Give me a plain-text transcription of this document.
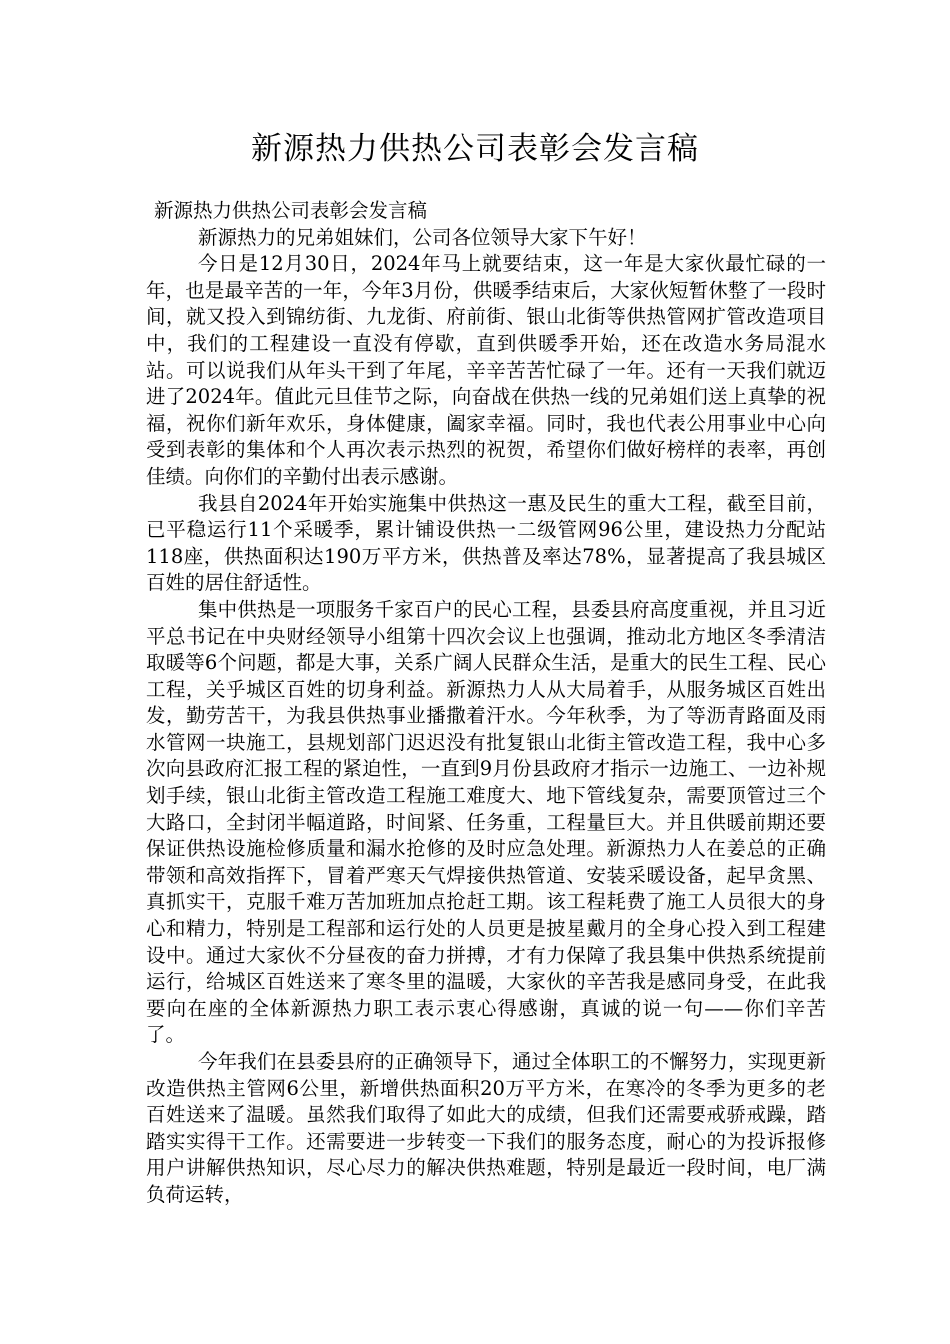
新源热力供热公司表彰会发言稿

新源热力供热公司表彰会发言稿

新源热力的兄弟姐妹们，公司各位领导大家下午好！

今日是12月30日，2024年马上就要结束，这一年是大家伙最忙碌的一年，也是最辛苦的一年，今年3月份，供暖季结束后，大家伙短暂休整了一段时间，就又投入到锦纺街、九龙街、府前街、银山北街等供热管网扩管改造项目中，我们的工程建设一直没有停歇，直到供暖季开始，还在改造水务局混水站。可以说我们从年头干到了年尾，辛辛苦苦忙碌了一年。还有一天我们就迈进了2024年。值此元旦佳节之际，向奋战在供热一线的兄弟姐们送上真挚的祝福，祝你们新年欢乐，身体健康，阖家幸福。同时，我也代表公用事业中心向受到表彰的集体和个人再次表示热烈的祝贺，希望你们做好榜样的表率，再创佳绩。向你们的辛勤付出表示感谢。

我县自2024年开始实施集中供热这一惠及民生的重大工程，截至目前，已平稳运行11个采暖季，累计铺设供热一二级管网96公里，建设热力分配站118座，供热面积达190万平方米，供热普及率达78%，显著提高了我县城区百姓的居住舒适性。

集中供热是一项服务千家百户的民心工程，县委县府高度重视，并且习近平总书记在中央财经领导小组第十四次会议上也强调，推动北方地区冬季清洁取暖等6个问题，都是大事，关系广阔人民群众生活，是重大的民生工程、民心工程，关乎城区百姓的切身利益。新源热力人从大局着手，从服务城区百姓出发，勤劳苦干，为我县供热事业播撒着汗水。今年秋季，为了等沥青路面及雨水管网一块施工，县规划部门迟迟没有批复银山北街主管改造工程，我中心多次向县政府汇报工程的紧迫性，一直到9月份县政府才指示一边施工、一边补规划手续，银山北街主管改造工程施工难度大、地下管线复杂，需要顶管过三个大路口，全封闭半幅道路，时间紧、任务重，工程量巨大。并且供暖前期还要保证供热设施检修质量和漏水抢修的及时应急处理。新源热力人在姜总的正确带领和高效指挥下，冒着严寒天气焊接供热管道、安装采暖设备，起早贪黑、真抓实干，克服千难万苦加班加点抢赶工期。该工程耗费了施工人员很大的身心和精力，特别是工程部和运行处的人员更是披星戴月的全身心投入到工程建设中。通过大家伙不分昼夜的奋力拼搏，才有力保障了我县集中供热系统提前运行，给城区百姓送来了寒冬里的温暖，大家伙的辛苦我是感同身受，在此我要向在座的全体新源热力职工表示衷心得感谢，真诚的说一句——你们辛苦了。

今年我们在县委县府的正确领导下，通过全体职工的不懈努力，实现更新改造供热主管网6公里，新增供热面积20万平方米，在寒冷的冬季为更多的老百姓送来了温暖。虽然我们取得了如此大的成绩，但我们还需要戒骄戒躁，踏踏实实得干工作。还需要进一步转变一下我们的服务态度，耐心的为投诉报修用户讲解供热知识，尽心尽力的解决供热难题，特别是最近一段时间，电厂满负荷运转，
